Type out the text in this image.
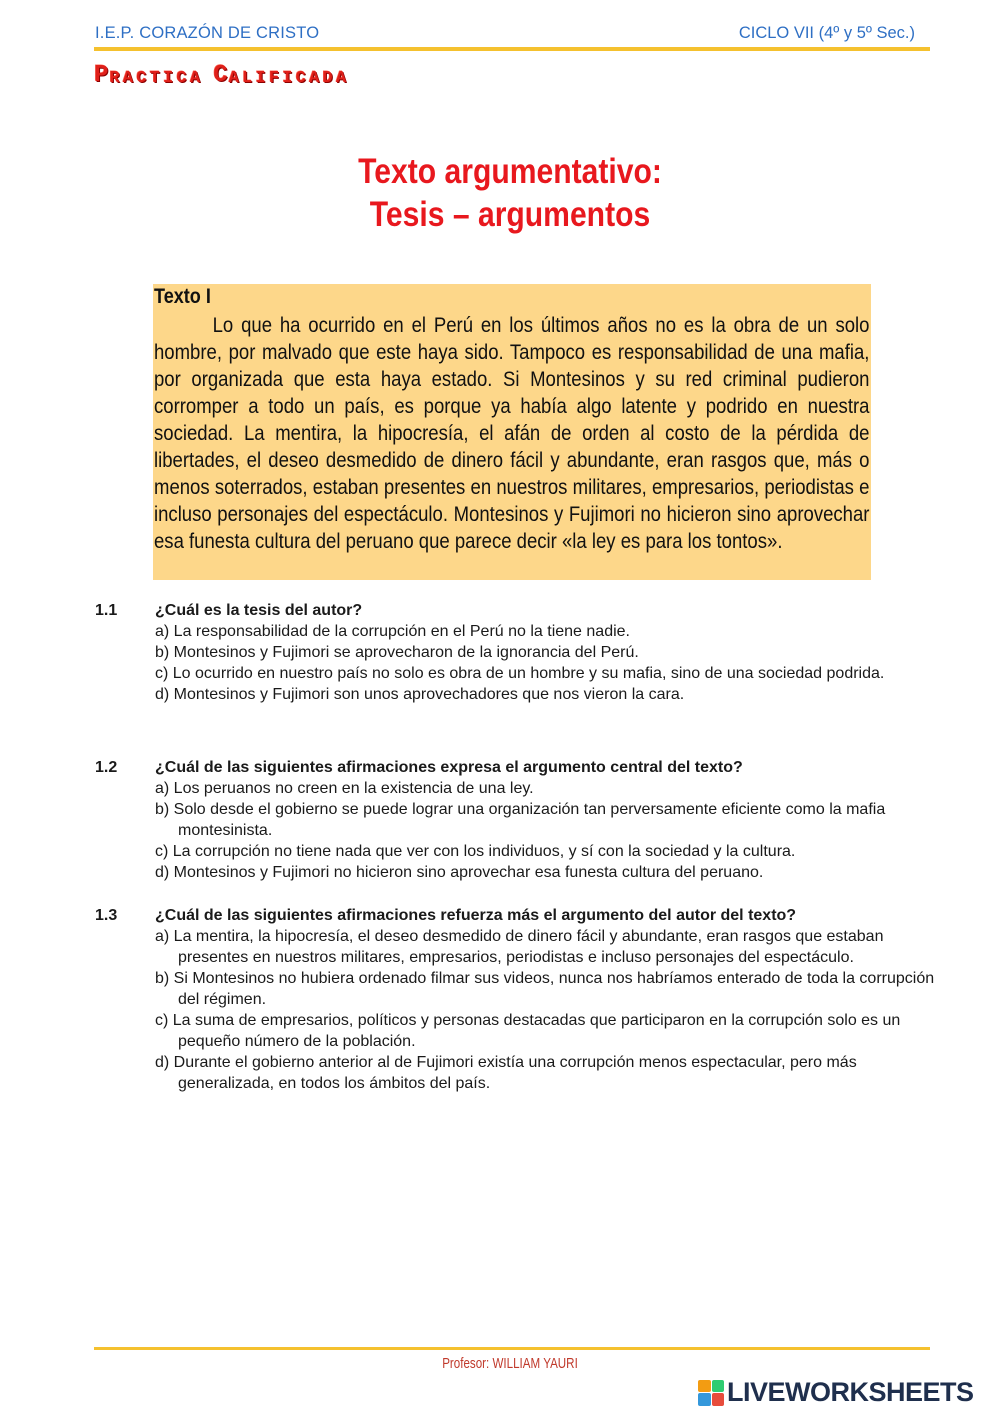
I.E.P. CORAZÓN DE CRISTO	CICLO VII (4º y 5º Sec.)
P RACTICA C ALIFICADA
Texto argumentativo:
Tesis – argumentos
Texto I
Lo que ha ocurrido en el Perú en los últimos años no es la obra de un solo hombre, por malvado que este haya sido. Tampoco es responsabilidad de una mafia, por organizada que esta haya estado. Si Montesinos y su red criminal pudieron corromper a todo un país, es porque ya había algo latente y podrido en nuestra sociedad. La mentira, la hipocresía, el afán de orden al costo de la pérdida de libertades, el deseo desmedido de dinero fácil y abundante, eran rasgos que, más o menos soterrados, estaban presentes en nuestros militares, empresarios, periodistas e incluso personajes del espectáculo. Montesinos y Fujimori no hicieron sino aprovechar esa funesta cultura del peruano que parece decir «la ley es para los tontos».
1.1 ¿Cuál es la tesis del autor?
a) La responsabilidad de la corrupción en el Perú no la tiene nadie.
b) Montesinos y Fujimori se aprovecharon de la ignorancia del Perú.
c) Lo ocurrido en nuestro país no solo es obra de un hombre y su mafia, sino de una sociedad podrida.
d) Montesinos y Fujimori son unos aprovechadores que nos vieron la cara.
1.2 ¿Cuál de las siguientes afirmaciones expresa el argumento central del texto?
a) Los peruanos no creen en la existencia de una ley.
b) Solo desde el gobierno se puede lograr una organización tan perversamente eficiente como la mafia montesinista.
c) La corrupción no tiene nada que ver con los individuos, y sí con la sociedad y la cultura.
d) Montesinos y Fujimori no hicieron sino aprovechar esa funesta cultura del peruano.
1.3 ¿Cuál de las siguientes afirmaciones refuerza más el argumento del autor del texto?
a) La mentira, la hipocresía, el deseo desmedido de dinero fácil y abundante, eran rasgos que estaban presentes en nuestros militares, empresarios, periodistas e incluso personajes del espectáculo.
b) Si Montesinos no hubiera ordenado filmar sus videos, nunca nos habríamos enterado de toda la corrupción del régimen.
c) La suma de empresarios, políticos y personas destacadas que participaron en la corrupción solo es un pequeño número de la población.
d) Durante el gobierno anterior al de Fujimori existía una corrupción menos espectacular, pero más generalizada, en todos los ámbitos del país.
Profesor: WILLIAM YAURI
LIVEWORKSHEETS
